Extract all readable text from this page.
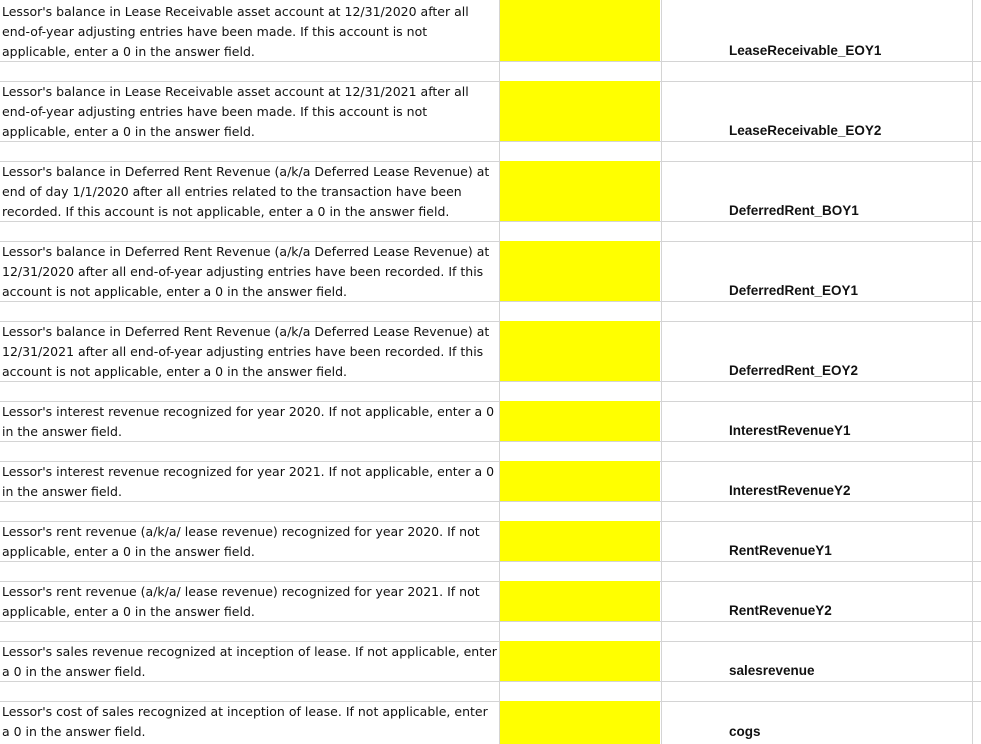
Lessor's balance in Lease Receivable asset account at 12/31/2020 after all end-of-year adjusting entries have been made. If this account is not applicable, enter a 0 in the answer field.	LeaseReceivable_EOY1
Lessor's balance in Lease Receivable asset account at 12/31/2021 after all end-of-year adjusting entries have been made. If this account is not applicable, enter a 0 in the answer field.	LeaseReceivable_EOY2
Lessor's balance in Deferred Rent Revenue (a/k/a Deferred Lease Revenue) at end of day 1/1/2020 after all entries related to the transaction have been recorded. If this account is not applicable, enter a 0 in the answer field.	DeferredRent_BOY1
Lessor's balance in Deferred Rent Revenue (a/k/a Deferred Lease Revenue) at 12/31/2020 after all end-of-year adjusting entries have been recorded. If this account is not applicable, enter a 0 in the answer field.	DeferredRent_EOY1
Lessor's balance in Deferred Rent Revenue (a/k/a Deferred Lease Revenue) at 12/31/2021 after all end-of-year adjusting entries have been recorded. If this account is not applicable, enter a 0 in the answer field.	DeferredRent_EOY2
Lessor's interest revenue recognized for year 2020. If not applicable, enter a 0 in the answer field.	InterestRevenueY1
Lessor's interest revenue recognized for year 2021. If not applicable, enter a 0 in the answer field.	InterestRevenueY2
Lessor's rent revenue (a/k/a/ lease revenue) recognized for year 2020. If not applicable, enter a 0 in the answer field.	RentRevenueY1
Lessor's rent revenue (a/k/a/ lease revenue) recognized for year 2021. If not applicable, enter a 0 in the answer field.	RentRevenueY2
Lessor's sales revenue recognized at inception of lease. If not applicable, enter a 0 in the answer field.	salesrevenue
Lessor's cost of sales recognized at inception of lease. If not applicable, enter a 0 in the answer field.	cogs
